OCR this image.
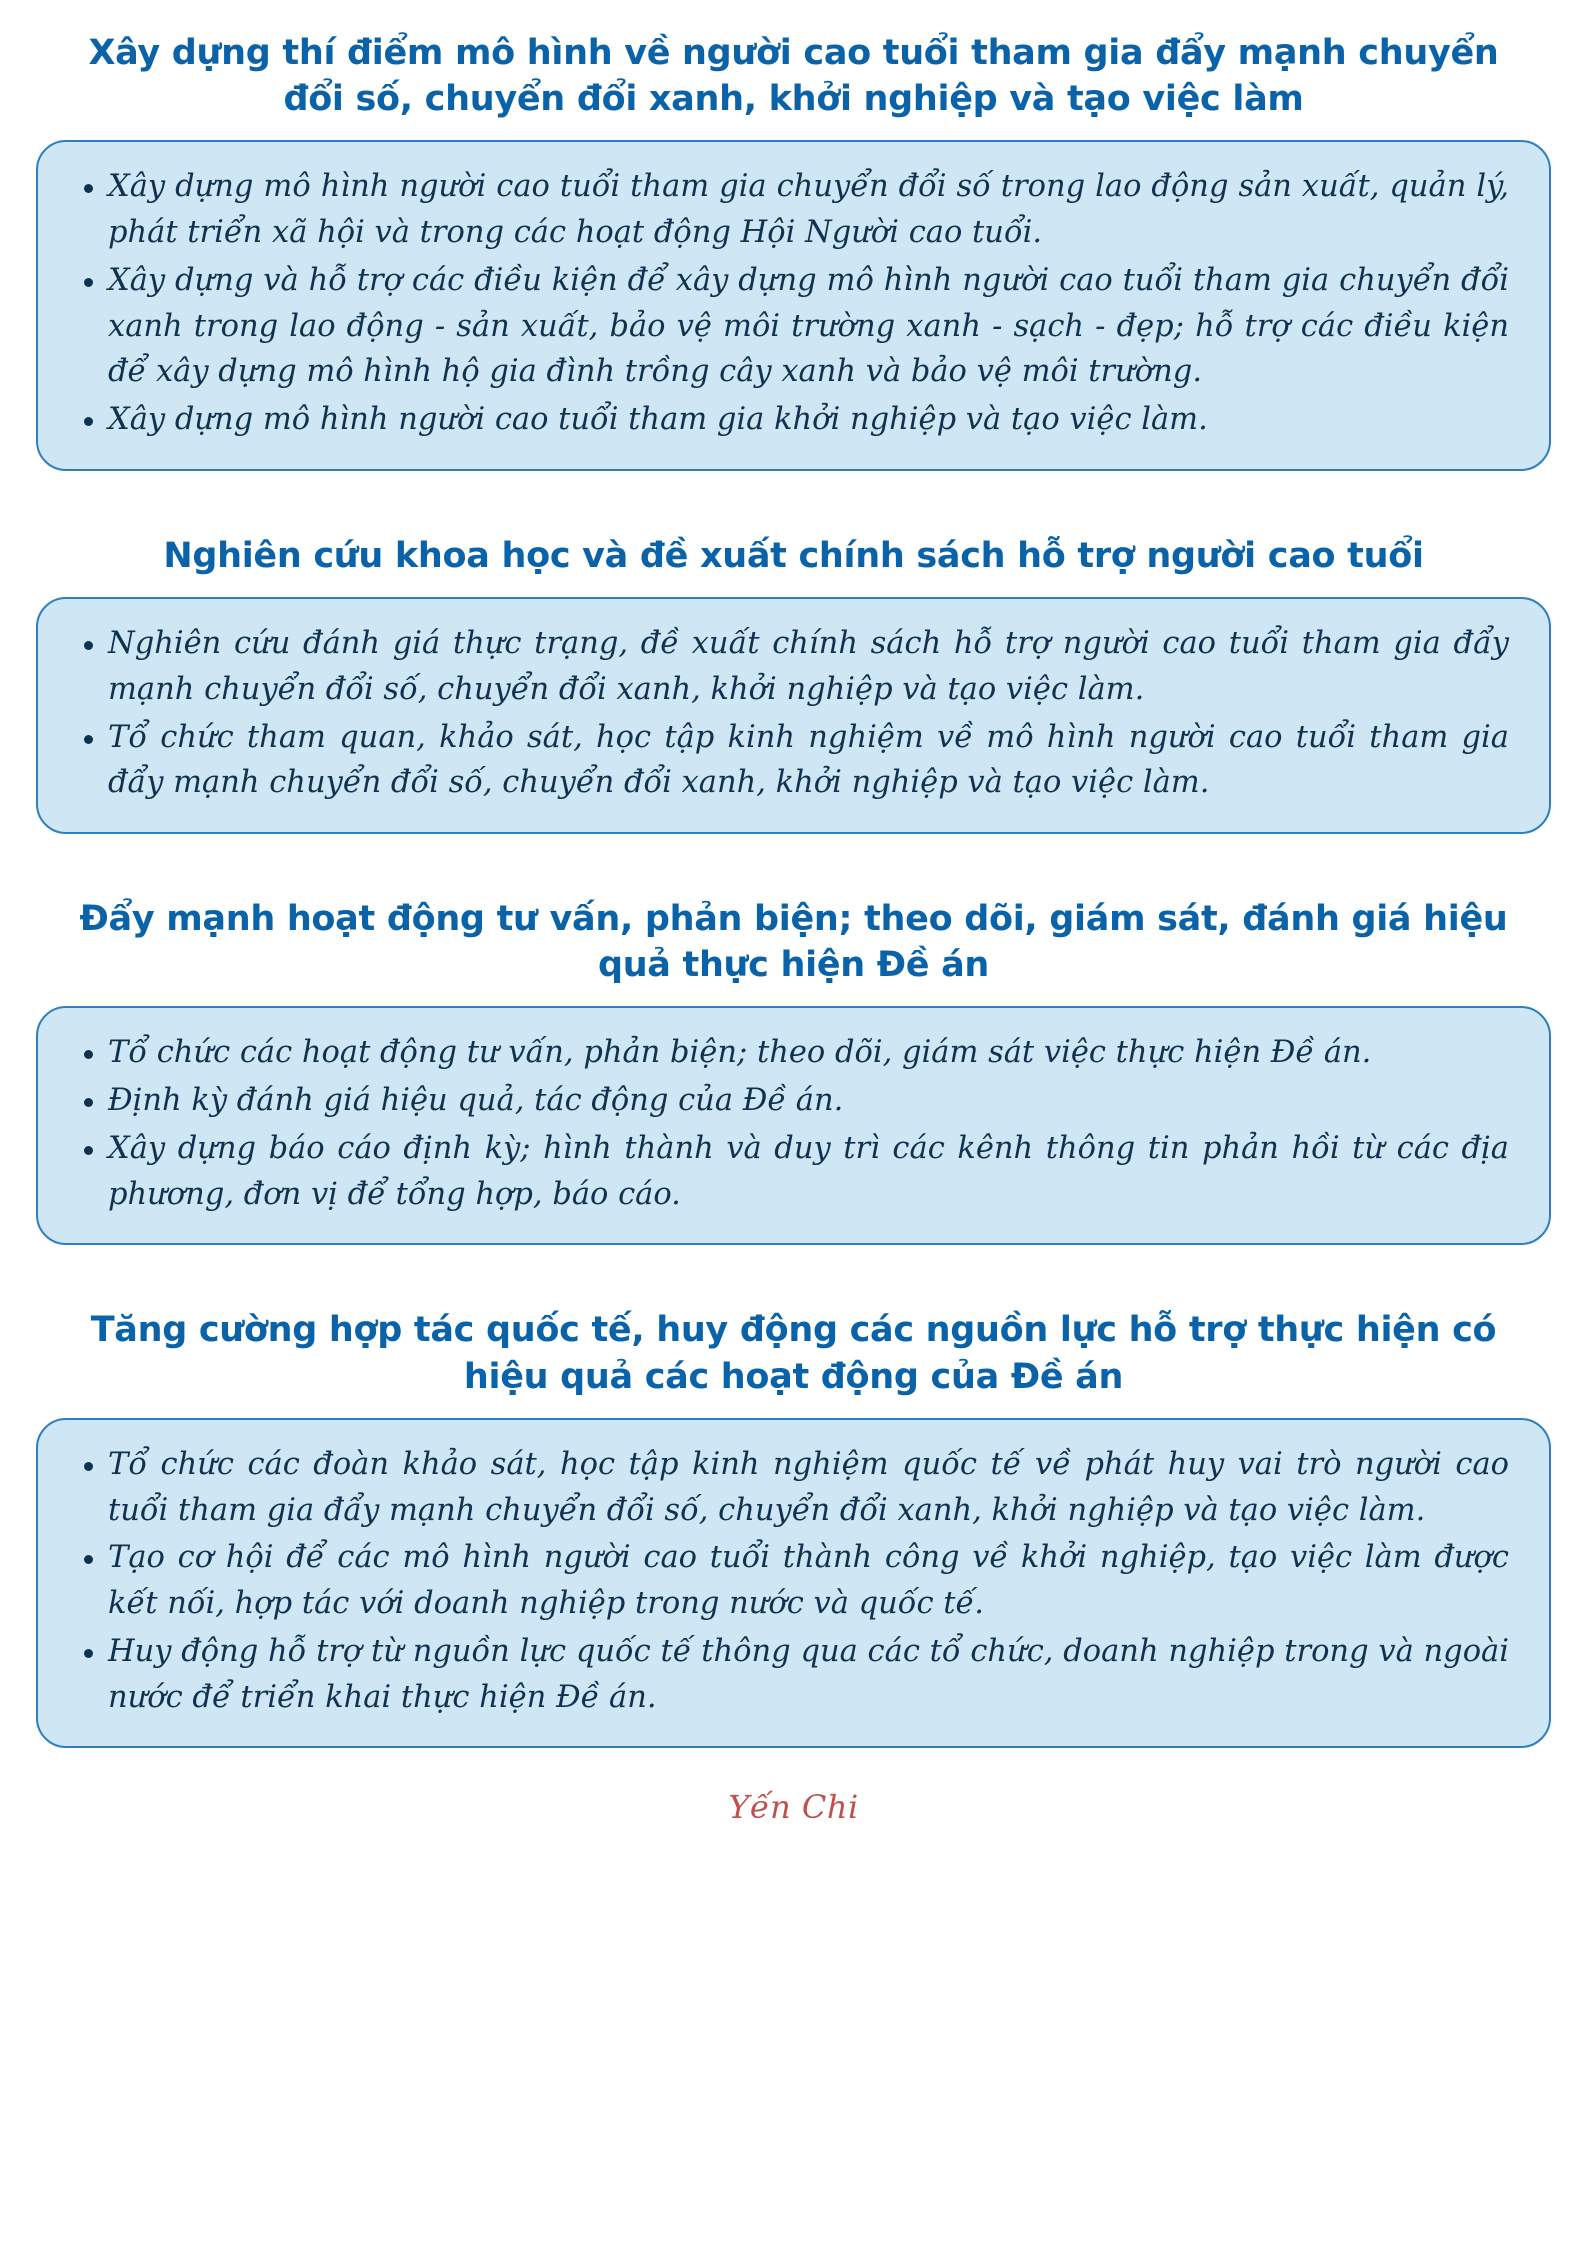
Xây dựng thí điểm mô hình về người cao tuổi tham gia đẩy mạnh chuyển đổi số, chuyển đổi xanh, khởi nghiệp và tạo việc làm
Xây dựng mô hình người cao tuổi tham gia chuyển đổi số trong lao động sản xuất, quản lý, phát triển xã hội và trong các hoạt động Hội Người cao tuổi.
Xây dựng và hỗ trợ các điều kiện để xây dựng mô hình người cao tuổi tham gia chuyển đổi xanh trong lao động - sản xuất, bảo vệ môi trường xanh - sạch - đẹp; hỗ trợ các điều kiện để xây dựng mô hình hộ gia đình trồng cây xanh và bảo vệ môi trường.
Xây dựng mô hình người cao tuổi tham gia khởi nghiệp và tạo việc làm.
Nghiên cứu khoa học và đề xuất chính sách hỗ trợ người cao tuổi
Nghiên cứu đánh giá thực trạng, đề xuất chính sách hỗ trợ người cao tuổi tham gia đẩy mạnh chuyển đổi số, chuyển đổi xanh, khởi nghiệp và tạo việc làm.
Tổ chức tham quan, khảo sát, học tập kinh nghiệm về mô hình người cao tuổi tham gia đẩy mạnh chuyển đổi số, chuyển đổi xanh, khởi nghiệp và tạo việc làm.
Đẩy mạnh hoạt động tư vấn, phản biện; theo dõi, giám sát, đánh giá hiệu quả thực hiện Đề án
Tổ chức các hoạt động tư vấn, phản biện; theo dõi, giám sát việc thực hiện Đề án.
Định kỳ đánh giá hiệu quả, tác động của Đề án.
Xây dựng báo cáo định kỳ; hình thành và duy trì các kênh thông tin phản hồi từ các địa phương, đơn vị để tổng hợp, báo cáo.
Tăng cường hợp tác quốc tế, huy động các nguồn lực hỗ trợ thực hiện có hiệu quả các hoạt động của Đề án
Tổ chức các đoàn khảo sát, học tập kinh nghiệm quốc tế về phát huy vai trò người cao tuổi tham gia đẩy mạnh chuyển đổi số, chuyển đổi xanh, khởi nghiệp và tạo việc làm.
Tạo cơ hội để các mô hình người cao tuổi thành công về khởi nghiệp, tạo việc làm được kết nối, hợp tác với doanh nghiệp trong nước và quốc tế.
Huy động hỗ trợ từ nguồn lực quốc tế thông qua các tổ chức, doanh nghiệp trong và ngoài nước để triển khai thực hiện Đề án.
Yến Chi
